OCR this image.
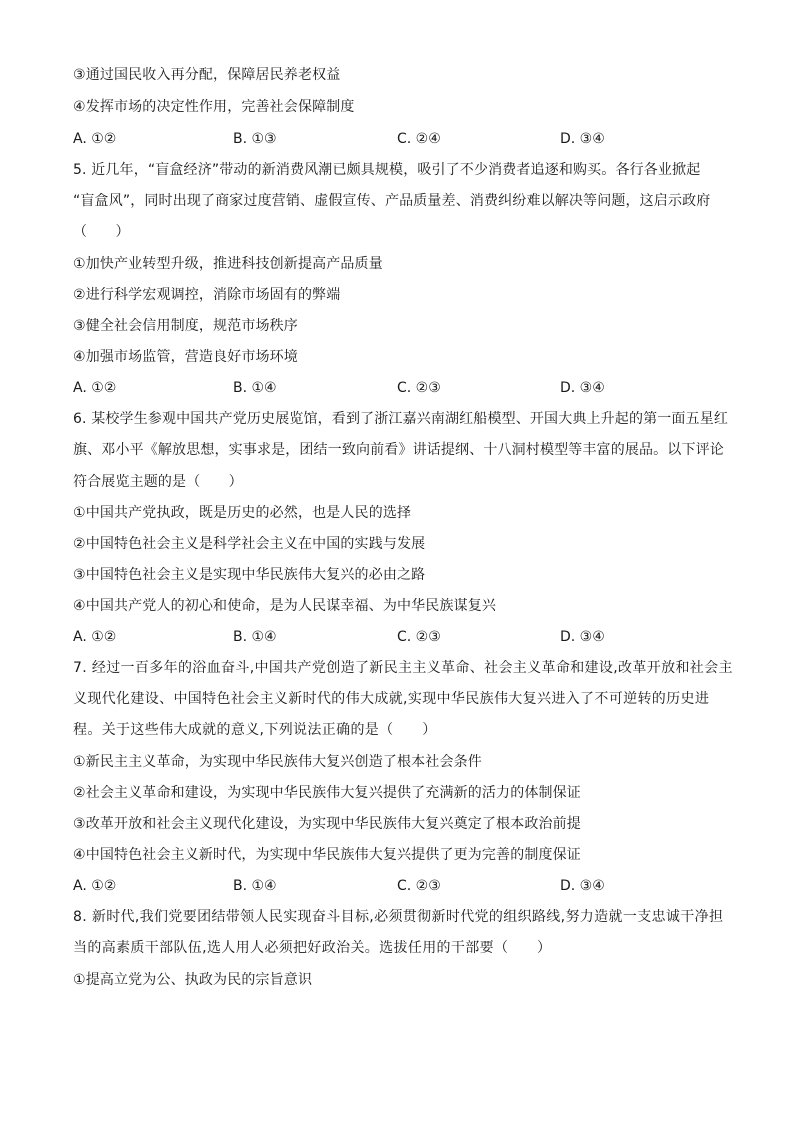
③通过国民收入再分配，保障居民养老权益
④发挥市场的决定性作用，完善社会保障制度
A. ①②	B. ①③	C. ②④	D. ③④
5. 近几年，“盲盒经济”带动的新消费风潮已颇具规模，吸引了不少消费者追逐和购买。各行各业掀起
“盲盒风”，同时出现了商家过度营销、虚假宣传、产品质量差、消费纠纷难以解决等问题，这启示政府
（　　）
①加快产业转型升级，推进科技创新提高产品质量
②进行科学宏观调控，消除市场固有的弊端
③健全社会信用制度，规范市场秩序
④加强市场监管，营造良好市场环境
A. ①②	B. ①④	C. ②③	D. ③④
6. 某校学生参观中国共产党历史展览馆，看到了浙江嘉兴南湖红船模型、开国大典上升起的第一面五星红
旗、邓小平《解放思想，实事求是，团结一致向前看》讲话提纲、十八洞村模型等丰富的展品。以下评论
符合展览主题的是（　　）
①中国共产党执政，既是历史的必然，也是人民的选择
②中国特色社会主义是科学社会主义在中国的实践与发展
③中国特色社会主义是实现中华民族伟大复兴的必由之路
④中国共产党人的初心和使命，是为人民谋幸福、为中华民族谋复兴
A. ①②	B. ①④	C. ②③	D. ③④
7. 经过一百多年的浴血奋斗,中国共产党创造了新民主主义革命、社会主义革命和建设,改革开放和社会主
义现代化建设、中国特色社会主义新时代的伟大成就,实现中华民族伟大复兴进入了不可逆转的历史进
程。关于这些伟大成就的意义,下列说法正确的是（　　）
①新民主主义革命，为实现中华民族伟大复兴创造了根本社会条件
②社会主义革命和建设，为实现中华民族伟大复兴提供了充满新的活力的体制保证
③改革开放和社会主义现代化建设，为实现中华民族伟大复兴奠定了根本政治前提
④中国特色社会主义新时代，为实现中华民族伟大复兴提供了更为完善的制度保证
A. ①②	B. ①④	C. ②③	D. ③④
8. 新时代,我们党要团结带领人民实现奋斗目标,必须贯彻新时代党的组织路线,努力造就一支忠诚干净担
当的高素质干部队伍,选人用人必须把好政治关。选拔任用的干部要（　　）
①提高立党为公、执政为民的宗旨意识
